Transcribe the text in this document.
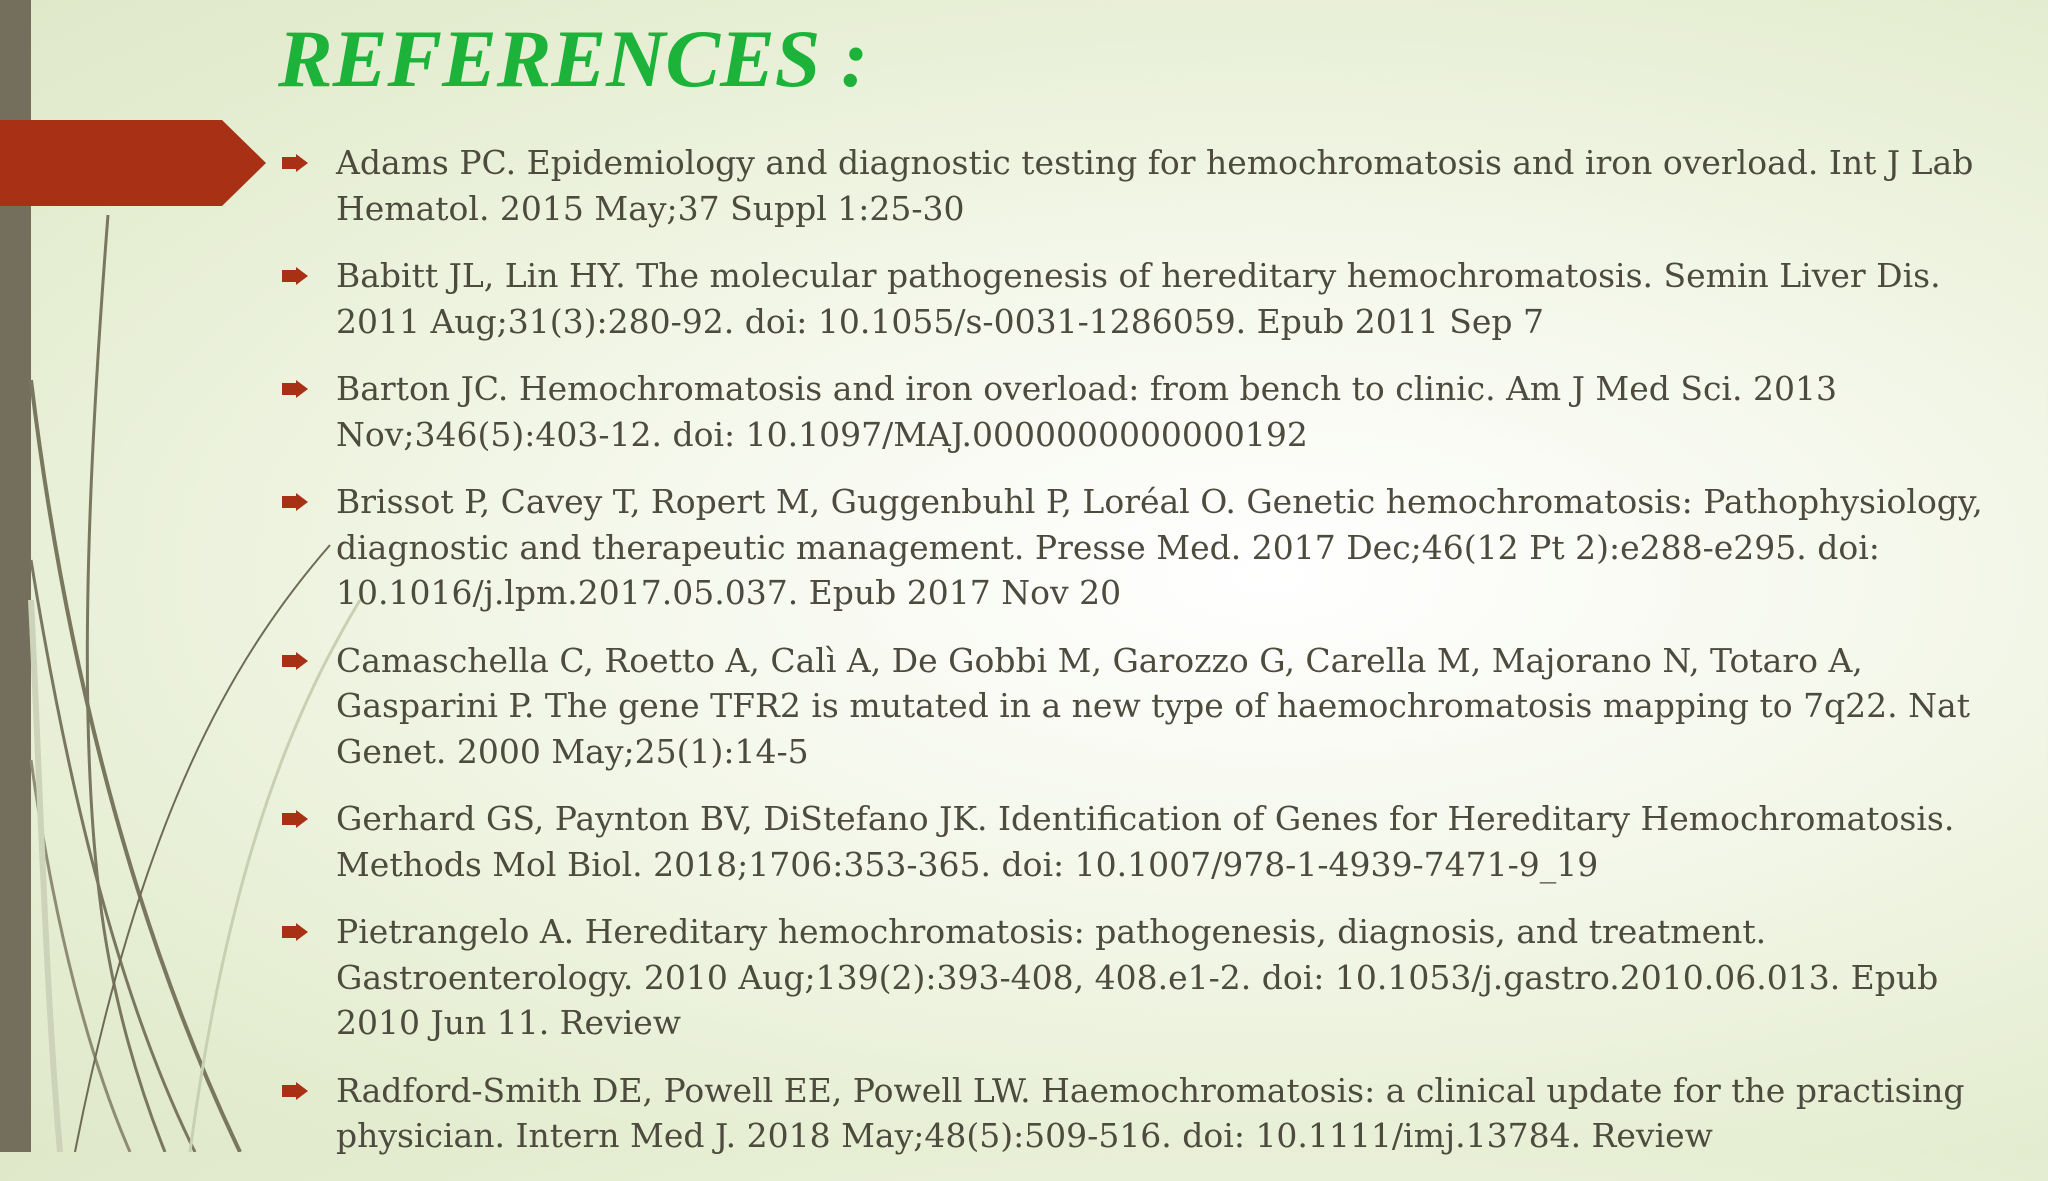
REFERENCES :
Adams PC. Epidemiology and diagnostic testing for hemochromatosis and iron overload. Int J Lab Hematol. 2015 May;37 Suppl 1:25-30
Babitt JL, Lin HY. The molecular pathogenesis of hereditary hemochromatosis. Semin Liver Dis. 2011 Aug;31(3):280-92. doi: 10.1055/s-0031-1286059. Epub 2011 Sep 7
Barton JC. Hemochromatosis and iron overload: from bench to clinic. Am J Med Sci. 2013 Nov;346(5):403-12. doi: 10.1097/MAJ.0000000000000192
Brissot P, Cavey T, Ropert M, Guggenbuhl P, Loréal O. Genetic hemochromatosis: Pathophysiology, diagnostic and therapeutic management. Presse Med. 2017 Dec;46(12 Pt 2):e288-e295. doi: 10.1016/j.lpm.2017.05.037. Epub 2017 Nov 20
Camaschella C, Roetto A, Calì A, De Gobbi M, Garozzo G, Carella M, Majorano N, Totaro A, Gasparini P. The gene TFR2 is mutated in a new type of haemochromatosis mapping to 7q22. Nat Genet. 2000 May;25(1):14-5
Gerhard GS, Paynton BV, DiStefano JK. Identification of Genes for Hereditary Hemochromatosis. Methods Mol Biol. 2018;1706:353-365. doi: 10.1007/978-1-4939-7471-9_19
Pietrangelo A. Hereditary hemochromatosis: pathogenesis, diagnosis, and treatment. Gastroenterology. 2010 Aug;139(2):393-408, 408.e1-2. doi: 10.1053/j.gastro.2010.06.013. Epub 2010 Jun 11. Review
Radford-Smith DE, Powell EE, Powell LW. Haemochromatosis: a clinical update for the practising physician. Intern Med J. 2018 May;48(5):509-516. doi: 10.1111/imj.13784. Review
